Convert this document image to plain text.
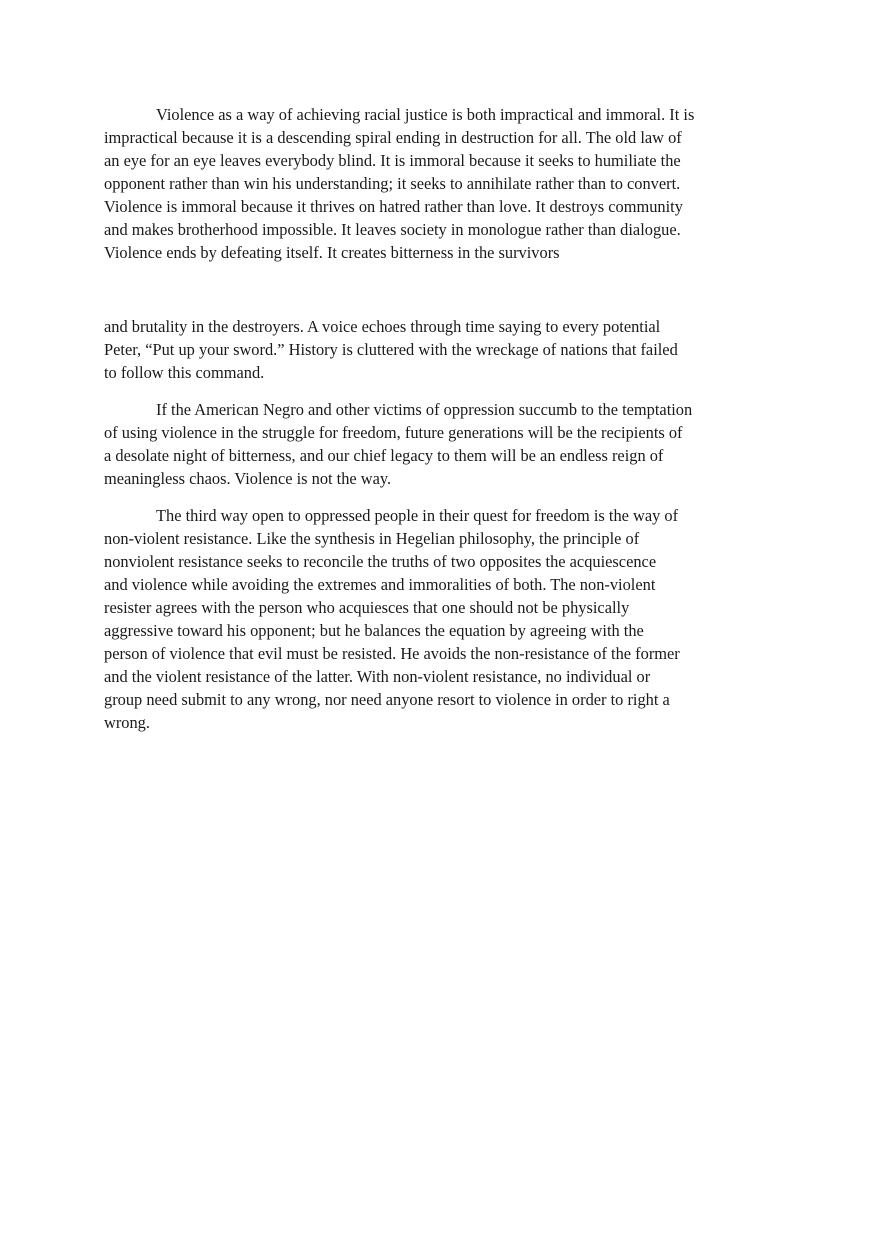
Violence as a way of achieving racial justice is both impractical and immoral. It is
impractical because it is a descending spiral ending in destruction for all. The old law of
an eye for an eye leaves everybody blind. It is immoral because it seeks to humiliate the
opponent rather than win his understanding; it seeks to annihilate rather than to convert.
Violence is immoral because it thrives on hatred rather than love. It destroys community
and makes brotherhood impossible. It leaves society in monologue rather than dialogue.
Violence ends by defeating itself. It creates bitterness in the survivors
and brutality in the destroyers. A voice echoes through time saying to every potential
Peter, “Put up your sword.” History is cluttered with the wreckage of nations that failed
to follow this command.
If the American Negro and other victims of oppression succumb to the temptation
of using violence in the struggle for freedom, future generations will be the recipients of
a desolate night of bitterness, and our chief legacy to them will be an endless reign of
meaningless chaos. Violence is not the way.
The third way open to oppressed people in their quest for freedom is the way of
non-violent resistance. Like the synthesis in Hegelian philosophy, the principle of
nonviolent resistance seeks to reconcile the truths of two opposites the acquiescence
and violence while avoiding the extremes and immoralities of both. The non-violent
resister agrees with the person who acquiesces that one should not be physically
aggressive toward his opponent; but he balances the equation by agreeing with the
person of violence that evil must be resisted. He avoids the non-resistance of the former
and the violent resistance of the latter. With non-violent resistance, no individual or
group need submit to any wrong, nor need anyone resort to violence in order to right a
wrong.
